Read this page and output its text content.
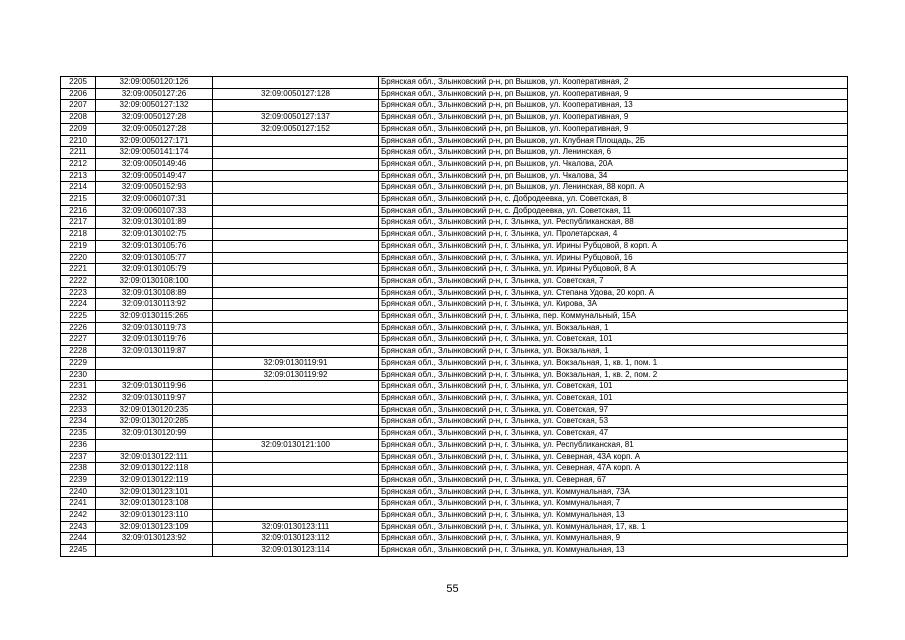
2205	32:09:0050120:126		Брянская обл., Злынковский р-н, рп Вышков, ул. Кооперативная, 2
2206	32:09:0050127:26	32:09:0050127:128	Брянская обл., Злынковский р-н, рп Вышков, ул. Кооперативная, 9
2207	32:09:0050127:132		Брянская обл., Злынковский р-н, рп Вышков, ул. Кооперативная, 13
2208	32:09:0050127:28	32:09:0050127:137	Брянская обл., Злынковский р-н, рп Вышков, ул. Кооперативная, 9
2209	32:09:0050127:28	32:09:0050127:152	Брянская обл., Злынковский р-н, рп Вышков, ул. Кооперативная, 9
2210	32:09:0050127:171		Брянская обл., Злынковский р-н, рп Вышков, ул. Клубная Площадь, 2Б
2211	32:09:0050141:174		Брянская обл., Злынковский р-н, рп Вышков, ул. Ленинская, 6
2212	32:09:0050149:46		Брянская обл., Злынковский р-н, рп Вышков, ул. Чкалова, 20А
2213	32:09:0050149:47		Брянская обл., Злынковский р-н, рп Вышков, ул. Чкалова, 34
2214	32:09:0050152:93		Брянская обл., Злынковский р-н, рп Вышков, ул. Ленинская, 88 корп. А
2215	32:09:0060107:31		Брянская обл., Злынковский р-н, с. Добродеевка, ул. Советская, 8
2216	32:09:0060107:33		Брянская обл., Злынковский р-н, с. Добродеевка, ул. Советская, 11
2217	32:09:0130101:89		Брянская обл., Злынковский р-н, г. Злынка, ул. Республиканская, 88
2218	32:09:0130102:75		Брянская обл., Злынковский р-н, г. Злынка, ул. Пролетарская, 4
2219	32:09:0130105:76		Брянская обл., Злынковский р-н, г. Злынка, ул. Ирины Рубцовой, 8 корп. А
2220	32:09:0130105:77		Брянская обл., Злынковский р-н, г. Злынка, ул. Ирины Рубцовой, 16
2221	32:09:0130105:79		Брянская обл., Злынковский р-н, г. Злынка, ул. Ирины Рубцовой, 8 А
2222	32:09:0130108:100		Брянская обл., Злынковский р-н, г. Злынка, ул. Советская, 7
2223	32:09:0130108:89		Брянская обл., Злынковский р-н, г. Злынка, ул. Степана Удова, 20 корп. А
2224	32:09:0130113:92		Брянская обл., Злынковский р-н, г. Злынка, ул. Кирова, 3А
2225	32:09:0130115:265		Брянская обл., Злынковский р-н, г. Злынка, пер. Коммунальный, 15А
2226	32:09:0130119:73		Брянская обл., Злынковский р-н, г. Злынка, ул. Вокзальная, 1
2227	32:09:0130119:76		Брянская обл., Злынковский р-н, г. Злынка, ул. Советская, 101
2228	32:09:0130119:87		Брянская обл., Злынковский р-н, г. Злынка, ул. Вокзальная, 1
2229		32:09:0130119:91	Брянская обл., Злынковский р-н, г. Злынка, ул. Вокзальная, 1, кв. 1, пом. 1
2230		32:09:0130119:92	Брянская обл., Злынковский р-н, г. Злынка, ул. Вокзальная, 1, кв. 2, пом. 2
2231	32:09:0130119:96		Брянская обл., Злынковский р-н, г. Злынка, ул. Советская, 101
2232	32:09:0130119:97		Брянская обл., Злынковский р-н, г. Злынка, ул. Советская, 101
2233	32:09:0130120:235		Брянская обл., Злынковский р-н, г. Злынка, ул. Советская, 97
2234	32:09:0130120:285		Брянская обл., Злынковский р-н, г. Злынка, ул. Советская, 53
2235	32:09:0130120:99		Брянская обл., Злынковский р-н, г. Злынка, ул. Советская, 47
2236		32:09:0130121:100	Брянская обл., Злынковский р-н, г. Злынка, ул. Республиканская, 81
2237	32:09:0130122:111		Брянская обл., Злынковский р-н, г. Злынка, ул. Северная, 43А корп. А
2238	32:09:0130122:118		Брянская обл., Злынковский р-н, г. Злынка, ул. Северная, 47А корп. А
2239	32:09:0130122:119		Брянская обл., Злынковский р-н, г. Злынка, ул. Северная, 67
2240	32:09:0130123:101		Брянская обл., Злынковский р-н, г. Злынка, ул. Коммунальная, 73А
2241	32:09:0130123:108		Брянская обл., Злынковский р-н, г. Злынка, ул. Коммунальная, 7
2242	32:09:0130123:110		Брянская обл., Злынковский р-н, г. Злынка, ул. Коммунальная, 13
2243	32:09:0130123:109	32:09:0130123:111	Брянская обл., Злынковский р-н, г. Злынка, ул. Коммунальная, 17, кв. 1
2244	32:09:0130123:92	32:09:0130123:112	Брянская обл., Злынковский р-н, г. Злынка, ул. Коммунальная, 9
2245		32:09:0130123:114	Брянская обл., Злынковский р-н, г. Злынка, ул. Коммунальная, 13
55
